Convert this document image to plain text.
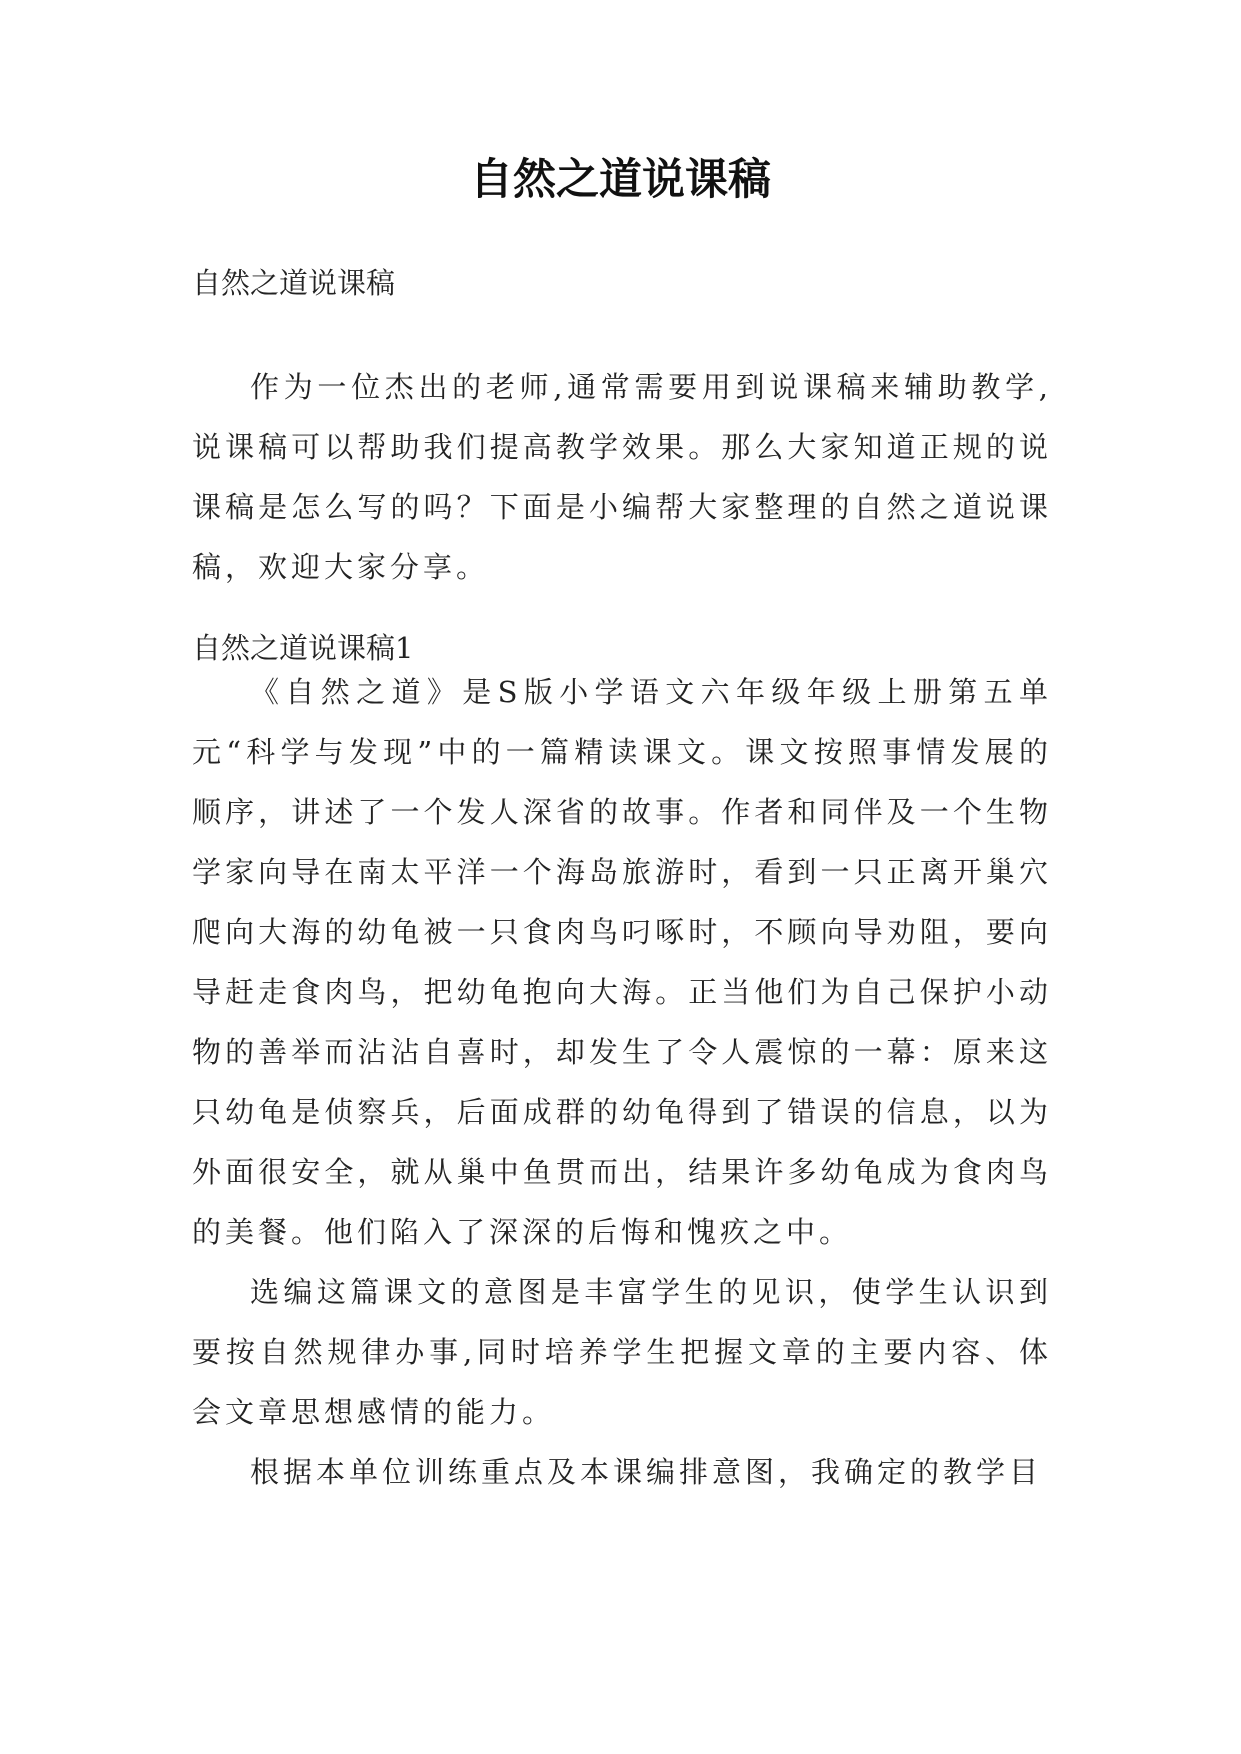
自然之道说课稿

自然之道说课稿

作为一位杰出的老师,通常需要用到说课稿来辅助教学,说课稿可以帮助我们提高教学效果。那么大家知道正规的说课稿是怎么写的吗？下面是小编帮大家整理的自然之道说课稿，欢迎大家分享。

自然之道说课稿1

《自然之道》是S版小学语文六年级年级上册第五单元“科学与发现”中的一篇精读课文。课文按照事情发展的顺序，讲述了一个发人深省的故事。作者和同伴及一个生物学家向导在南太平洋一个海岛旅游时，看到一只正离开巢穴爬向大海的幼龟被一只食肉鸟叼啄时，不顾向导劝阻，要向导赶走食肉鸟，把幼龟抱向大海。正当他们为自己保护小动物的善举而沾沾自喜时，却发生了令人震惊的一幕：原来这只幼龟是侦察兵，后面成群的幼龟得到了错误的信息，以为外面很安全，就从巢中鱼贯而出，结果许多幼龟成为食肉鸟的美餐。他们陷入了深深的后悔和愧疚之中。

选编这篇课文的意图是丰富学生的见识，使学生认识到要按自然规律办事,同时培养学生把握文章的主要内容、体会文章思想感情的能力。

根据本单位训练重点及本课编排意图，我确定的教学目
